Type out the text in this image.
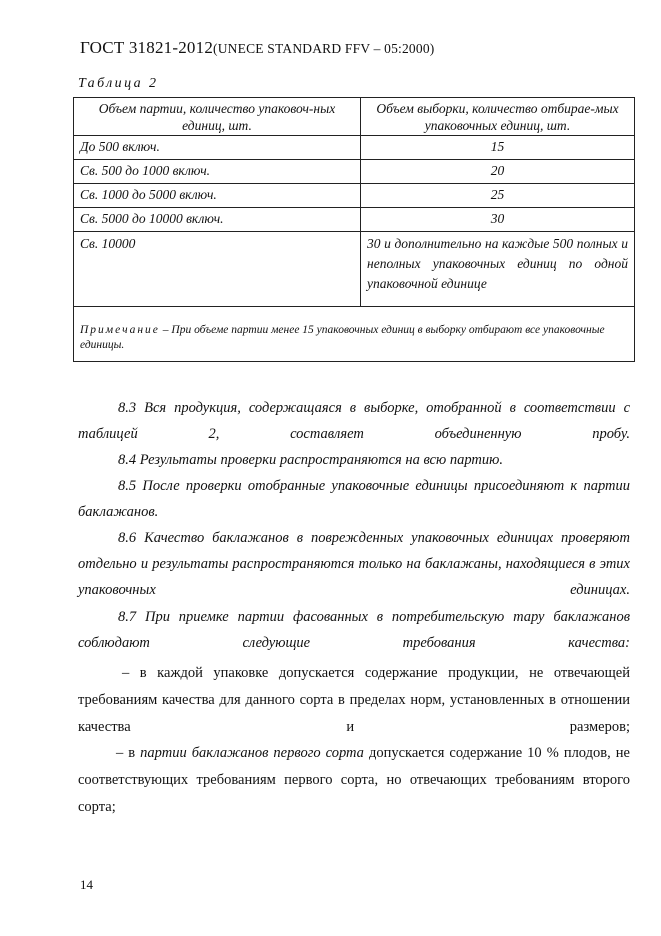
ГОСТ 31821-2012(UNECE STANDARD FFV – 05:2000)
Таблица 2
Объем партии, количество упаковоч-ных единиц, шт.	Объем выборки, количество отбирае-мых упаковочных единиц, шт.
До 500 включ.	15
Св. 500 до 1000 включ.	20
Св. 1000 до 5000 включ.	25
Св. 5000 до 10000 включ.	30
Св. 10000	30 и дополнительно на каждые 500 полных и неполных упаковочных единиц по одной упаковочной единице
Примечание – При объеме партии менее 15 упаковочных единиц в выборку отбирают все упаковочные единицы.	
8.3 Вся продукция, содержащаяся в выборке, отобранной в соответствии с таблицей 2, составляет объединенную пробу.
8.4 Результаты проверки распространяются на всю партию.
8.5 После проверки отобранные упаковочные единицы присоединяют к партии баклажанов.
8.6 Качество баклажанов в поврежденных упаковочных единицах проверяют отдельно и результаты распространяются только на баклажаны, находящиеся в этих упаковочных единицах.
8.7 При приемке партии фасованных в потребительскую тару баклажанов соблюдают следующие требования качества:
– в каждой упаковке допускается содержание продукции, не отвечающей требованиям качества для данного сорта в пределах норм, установленных в отношении качества и размеров;
– в партии баклажанов первого сорта допускается содержание 10 % плодов, не соответствующих требованиям первого сорта, но отвечающих требованиям второго сорта;
14
